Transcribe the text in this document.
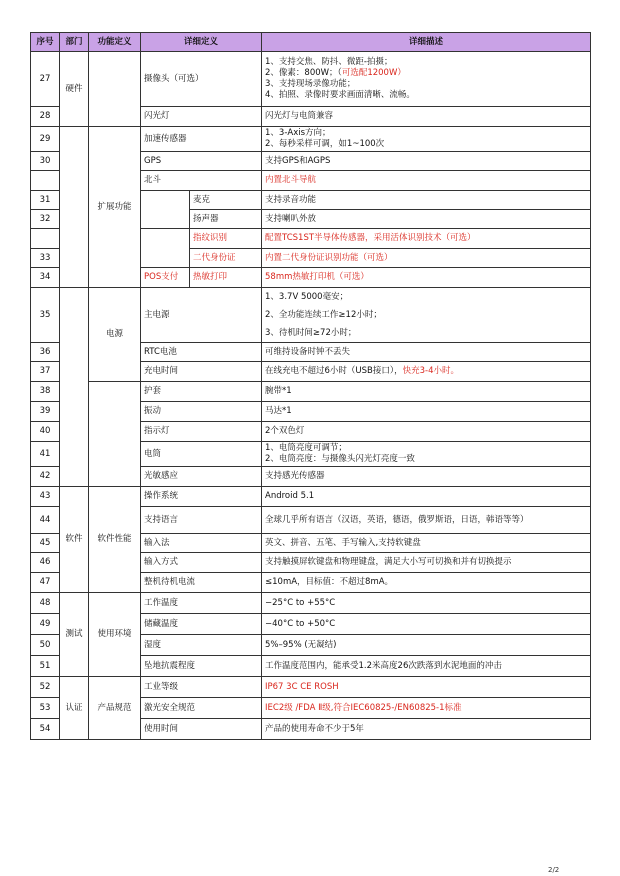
序号	部门	功能定义	详细定义		详细描述
27	硬件		摄像头（可选）		1、支持交焦、防抖、微距-拍摄；
2、像素：800W；（可选配1200W）
3、支持现场录像功能；
4、拍照、录像时要求画面清晰、流畅。

28			闪光灯		闪光灯与电筒兼容
29		扩展功能	加速传感器		1、3-Axis方向；
2、每秒采样可调，如1~100次

30			GPS		支持GPS和AGPS
			北斗		内置北斗导航
31				麦克	支持录音功能
32				扬声器	支持喇叭外放
				指纹识别	配置TCS1ST半导体传感器，采用活体识别技术（可选）
33				二代身份证	内置二代身份证识别功能（可选）
34			POS支付	热敏打印	58mm热敏打印机（可选）
35		电源	主电源		1、3.7V 5000毫安；
2、全功能连续工作≥12小时；
3、待机时间≥72小时；

36			RTC电池		可维持设备时钟不丢失
37			充电时间		在线充电不超过6小时（USB接口），快充3-4小时。
38			护套		腕带*1
39			振动		马达*1
40			指示灯		2个双色灯
41			电筒		1、电筒亮度可调节；
2、电筒亮度：与摄像头闪光灯亮度一致

42			光敏感应		支持感光传感器
43	软件	软件性能	操作系统		Android 5.1
44			支持语言		全球几乎所有语言（汉语，英语，德语，俄罗斯语，日语，韩语等等）
45			输入法		英文、拼音、五笔、手写输入,支持软键盘
46			输入方式		支持触摸屏软键盘和物理键盘，满足大小写可切换和并有切换提示
47			整机待机电流		≤10mA，目标值：不超过8mA。
48	测试	使用环境	工作温度		−25°C to +55°C
49			储藏温度		−40°C to +50°C
50			湿度		5%–95% (无凝结)
51			坠地抗震程度		工作温度范围内，能承受1.2米高度26次跌落到水泥地面的冲击
52	认证	产品规范	工业等级		IP67 3C CE ROSH
53			激光安全规范		IEC2级 /FDA Ⅱ级,符合IEC60825-/EN60825-1标准
54			使用时间		产品的使用寿命不少于5年
2/2
